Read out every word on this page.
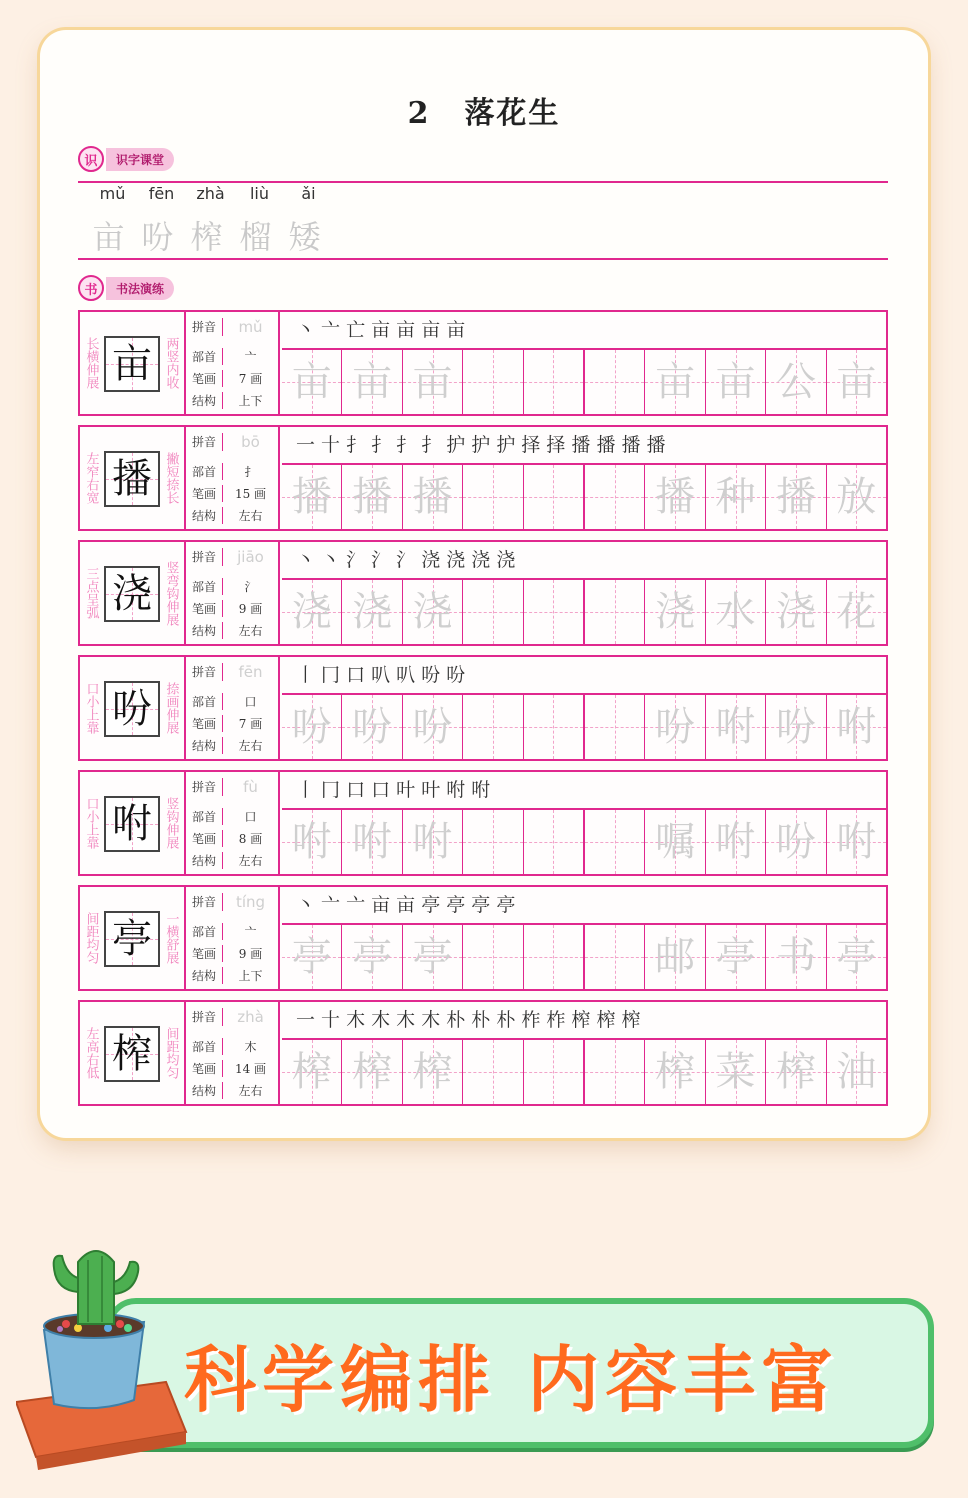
2 落花生
识	识字课堂
mǔ	fēn	zhà	liù	ǎi
亩 吩 榨 榴 矮
书	书法演练
长横伸展 亩 两竖内收
拼音	mǔ
部首	亠
笔画	7 画
结构	上下
丶 亠 亡 亩 亩 亩 亩
亩 亩 亩	亩 亩 公 亩
左窄右宽 播 撇短捺长
拼音	bō
部首	扌
笔画	15 画
结构	左右
一 十 扌 扌 扌 扌 护 护 护 择 择 播 播 播 播
播 播 播	播 种 播 放
三点呈弧 浇 竖弯钩伸展
拼音	jiāo
部首	氵
笔画	9 画
结构	左右
丶 丶 氵 氵 氵 浇 浇 浇 浇
浇 浇 浇	浇 水 浇 花
口小上靠 吩 捺画伸展
拼音	fēn
部首	口
笔画	7 画
结构	左右
丨 冂 口 叭 叭 吩 吩
吩 吩 吩	吩 咐 吩 咐
口小上靠 咐 竖钩伸展
拼音	fù
部首	口
笔画	8 画
结构	左右
丨 冂 口 口 叶 叶 咐 咐
咐 咐 咐	嘱 咐 吩 咐
间距均匀 亭 一横舒展
拼音	tíng
部首	亠
笔画	9 画
结构	上下
丶 亠 亠 亩 亩 亭 亭 亭 亭
亭 亭 亭	邮 亭 书 亭
左高右低 榨 间距均匀
拼音	zhà
部首	木
笔画	14 画
结构	左右
一 十 木 木 木 木 朴 朴 朴 柞 柞 榨 榨 榨
榨 榨 榨	榨 菜 榨 油
科学编排 内容丰富
